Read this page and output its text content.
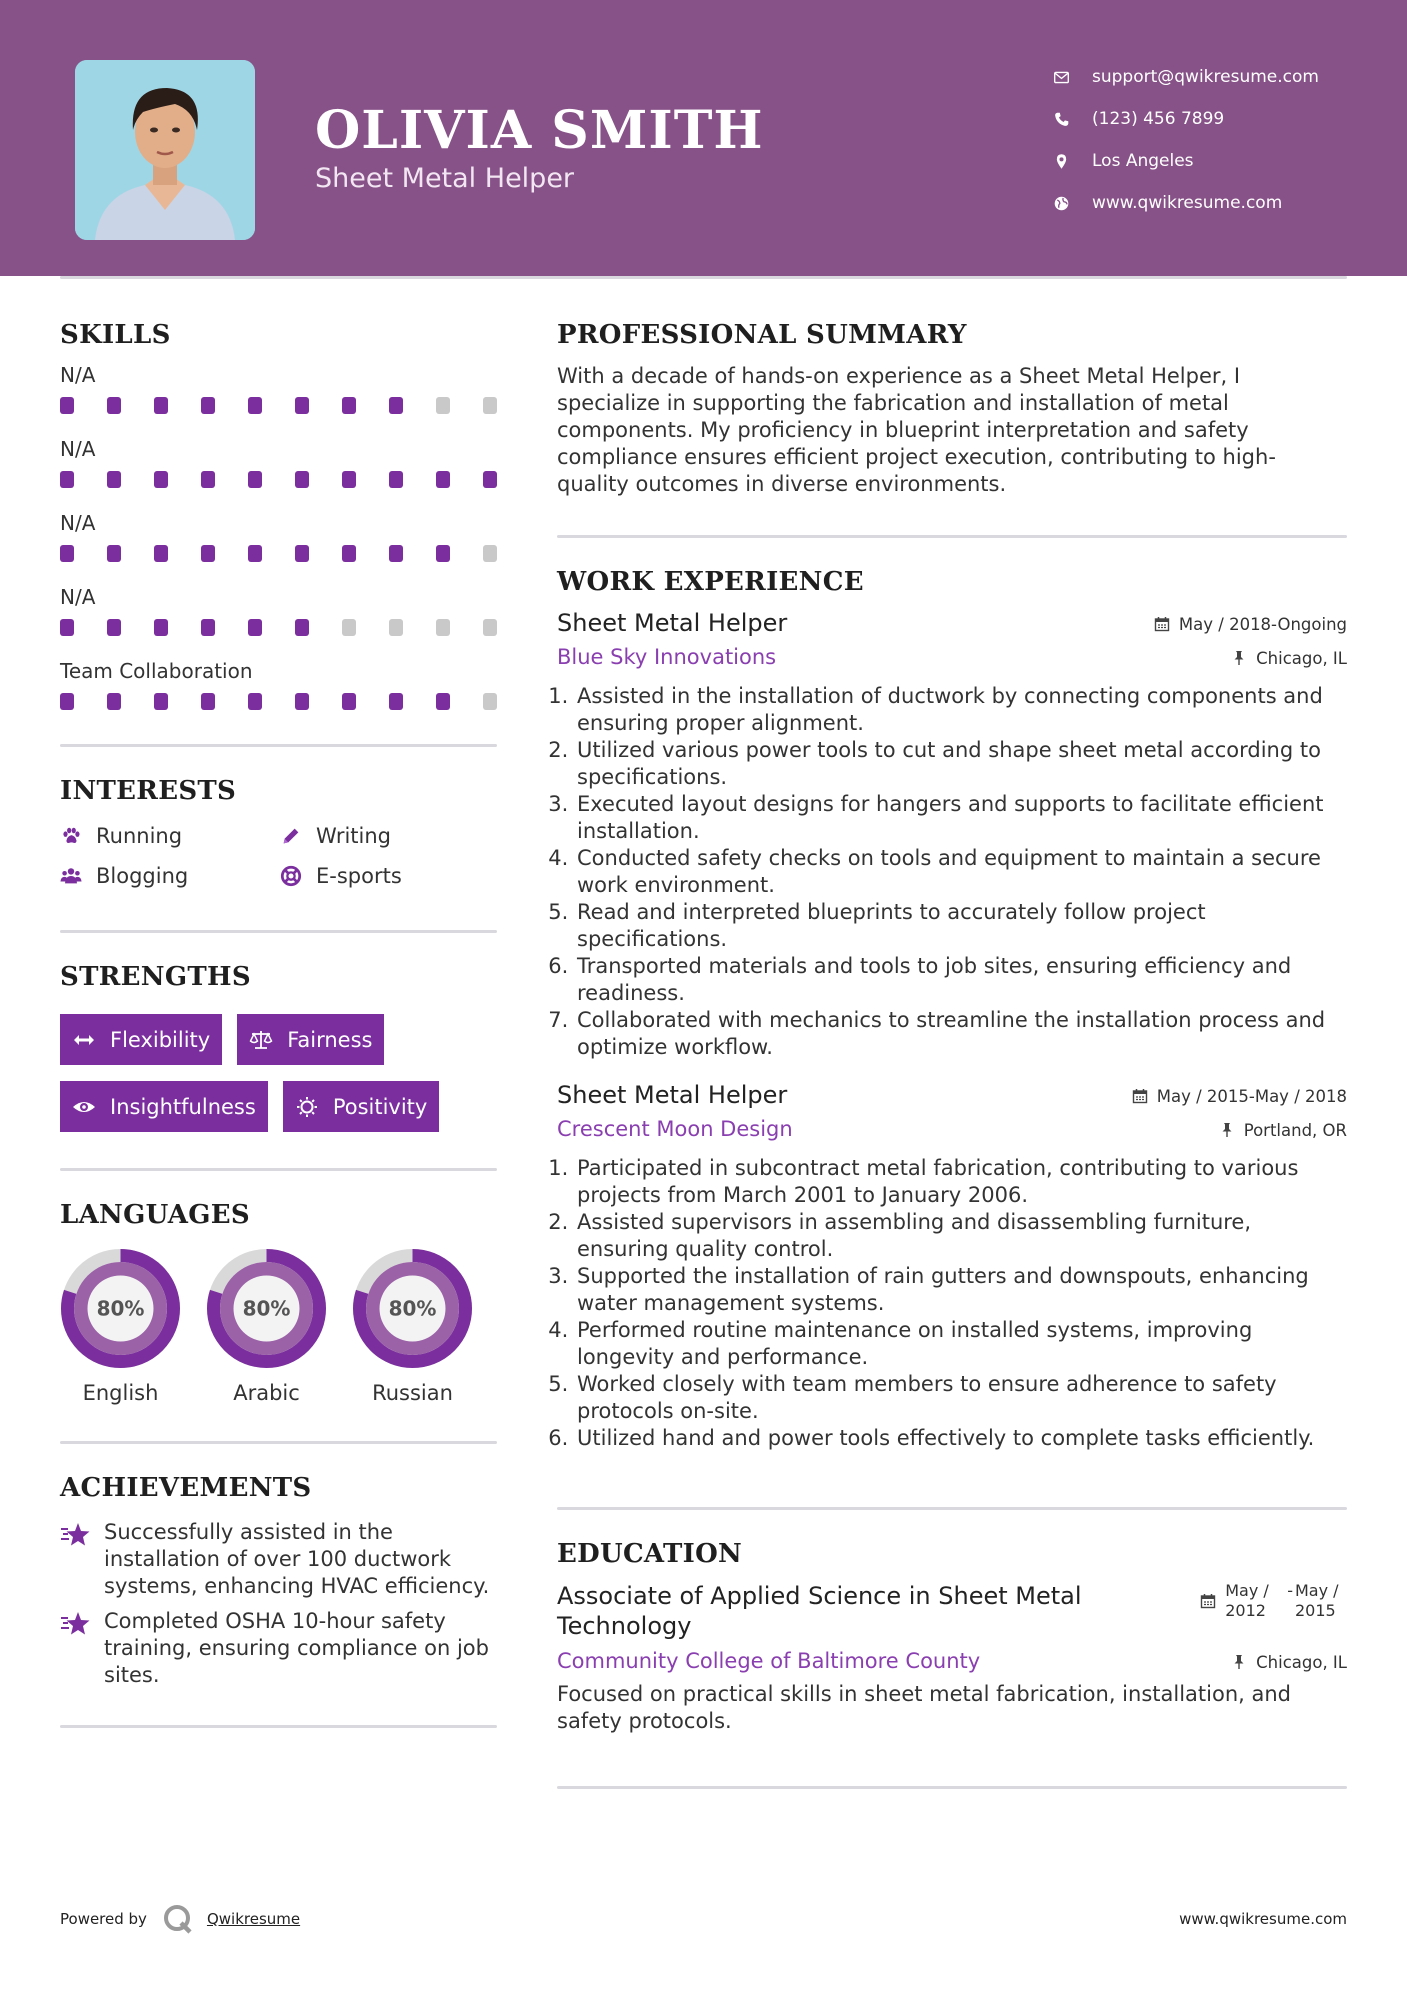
OLIVIA SMITH
Sheet Metal Helper
support@qwikresume.com
(123) 456 7899
Los Angeles
www.qwikresume.com
SKILLS
N/A
N/A
N/A
N/A
Team Collaboration
INTERESTS
Running	Writing
Blogging	E-sports
STRENGTHS
Flexibility	Fairness
Insightfulness	Positivity
LANGUAGES
80%
English
80%
Arabic
80%
Russian
ACHIEVEMENTS
Successfully assisted in the installation of over 100 ductwork systems, enhancing HVAC efficiency.
Completed OSHA 10-hour safety training, ensuring compliance on job sites.
PROFESSIONAL SUMMARY
With a decade of hands-on experience as a Sheet Metal Helper, I specialize in supporting the fabrication and installation of metal components. My proficiency in blueprint interpretation and safety compliance ensures efficient project execution, contributing to high-quality outcomes in diverse environments.
WORK EXPERIENCE
Sheet Metal Helper	May / 2018-Ongoing
Blue Sky Innovations	Chicago, IL
1. Assisted in the installation of ductwork by connecting components and ensuring proper alignment.
2. Utilized various power tools to cut and shape sheet metal according to specifications.
3. Executed layout designs for hangers and supports to facilitate efficient installation.
4. Conducted safety checks on tools and equipment to maintain a secure work environment.
5. Read and interpreted blueprints to accurately follow project specifications.
6. Transported materials and tools to job sites, ensuring efficiency and readiness.
7. Collaborated with mechanics to streamline the installation process and optimize workflow.
Sheet Metal Helper	May / 2015-May / 2018
Crescent Moon Design	Portland, OR
1. Participated in subcontract metal fabrication, contributing to various projects from March 2001 to January 2006.
2. Assisted supervisors in assembling and disassembling furniture, ensuring quality control.
3. Supported the installation of rain gutters and downspouts, enhancing water management systems.
4. Performed routine maintenance on installed systems, improving longevity and performance.
5. Worked closely with team members to ensure adherence to safety protocols on-site.
6. Utilized hand and power tools effectively to complete tasks efficiently.
EDUCATION
Associate of Applied Science in Sheet Metal Technology
May / 2012
- May / 2015
Community College of Baltimore County	Chicago, IL
Focused on practical skills in sheet metal fabrication, installation, and safety protocols.
Powered by	Qwikresume	www.qwikresume.com
